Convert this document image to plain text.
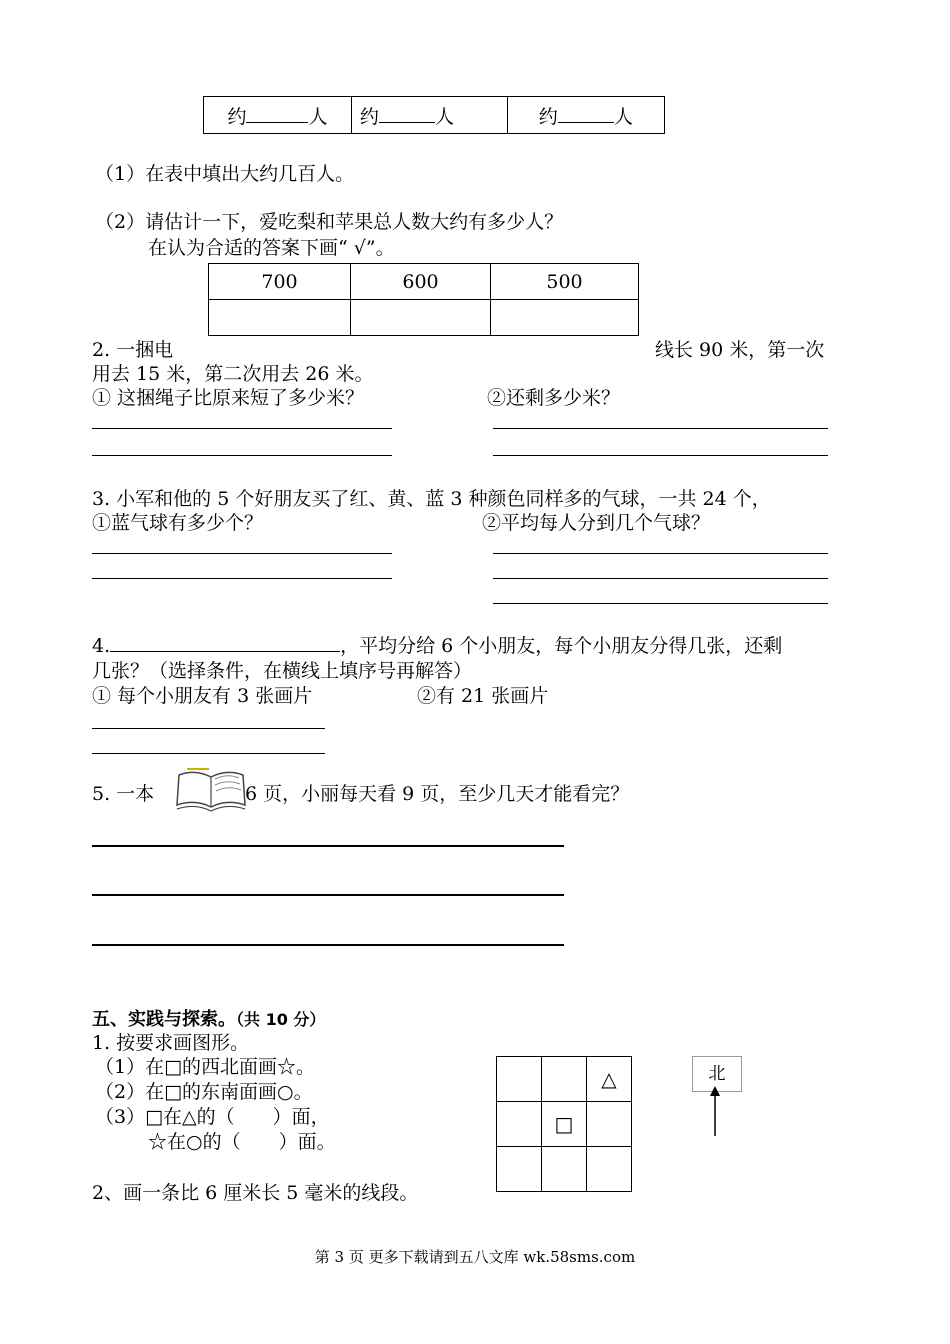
约	人	约	人	约	人
（1）在表中填出大约几百人。
（2）请估计一下，爱吃梨和苹果总人数大约有多少人？
在认为合适的答案下画“ √”。
700	600	500

2. 一捆电	线长 90 米，第一次
用去 15 米，第二次用去 26 米。
① 这捆绳子比原来短了多少米？	②还剩多少米？
3. 小军和他的 5 个好朋友买了红、黄、蓝 3 种颜色同样多的气球，一共 24 个，
①蓝气球有多少个？	②平均每人分到几个气球？
4.	，平均分给 6 个小朋友，每个小朋友分得几张，还剩
几张？（选择条件，在横线上填序号再解答）
① 每个小朋友有 3 张画片	②有 21 张画片
5. 一本	6 页，小丽每天看 9 页，至少几天才能看完？
五、实践与探索。（共 10 分）
1. 按要求画图形。
（1）在□的西北面画☆。
（2）在□的东南面画○。
（3）□在△的（　　）面，
☆在○的（　　）面。
2、画一条比 6 厘米长 5 毫米的线段。
		△
	□	

北
第 3 页 更多下载请到五八文库 wk.58sms.com
